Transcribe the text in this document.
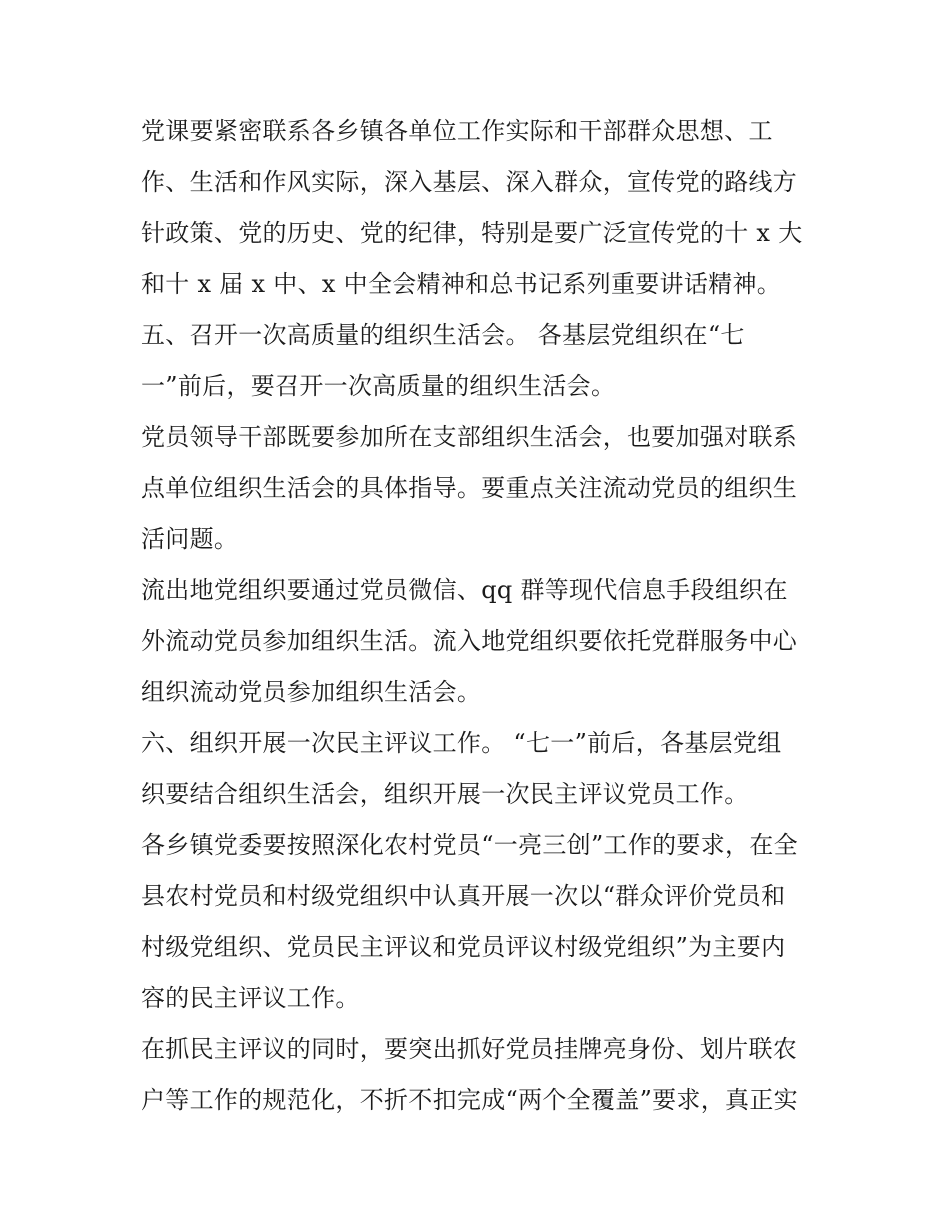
党课要紧密联系各乡镇各单位工作实际和干部群众思想、工
作、生活和作风实际，深入基层、深入群众，宣传党的路线方
针政策、党的历史、党的纪律，特别是要广泛宣传党的十 x 大
和十 x 届 x 中、x 中全会精神和总书记系列重要讲话精神。
五、召开一次高质量的组织生活会。 各基层党组织在“七
一”前后，要召开一次高质量的组织生活会。
党员领导干部既要参加所在支部组织生活会，也要加强对联系
点单位组织生活会的具体指导。要重点关注流动党员的组织生
活问题。
流出地党组织要通过党员微信、qq 群等现代信息手段组织在
外流动党员参加组织生活。流入地党组织要依托党群服务中心
组织流动党员参加组织生活会。
六、组织开展一次民主评议工作。 “七一”前后，各基层党组
织要结合组织生活会，组织开展一次民主评议党员工作。
各乡镇党委要按照深化农村党员“一亮三创”工作的要求，在全
县农村党员和村级党组织中认真开展一次以“群众评价党员和
村级党组织、党员民主评议和党员评议村级党组织”为主要内
容的民主评议工作。
在抓民主评议的同时，要突出抓好党员挂牌亮身份、划片联农
户等工作的规范化，不折不扣完成“两个全覆盖”要求，真正实
